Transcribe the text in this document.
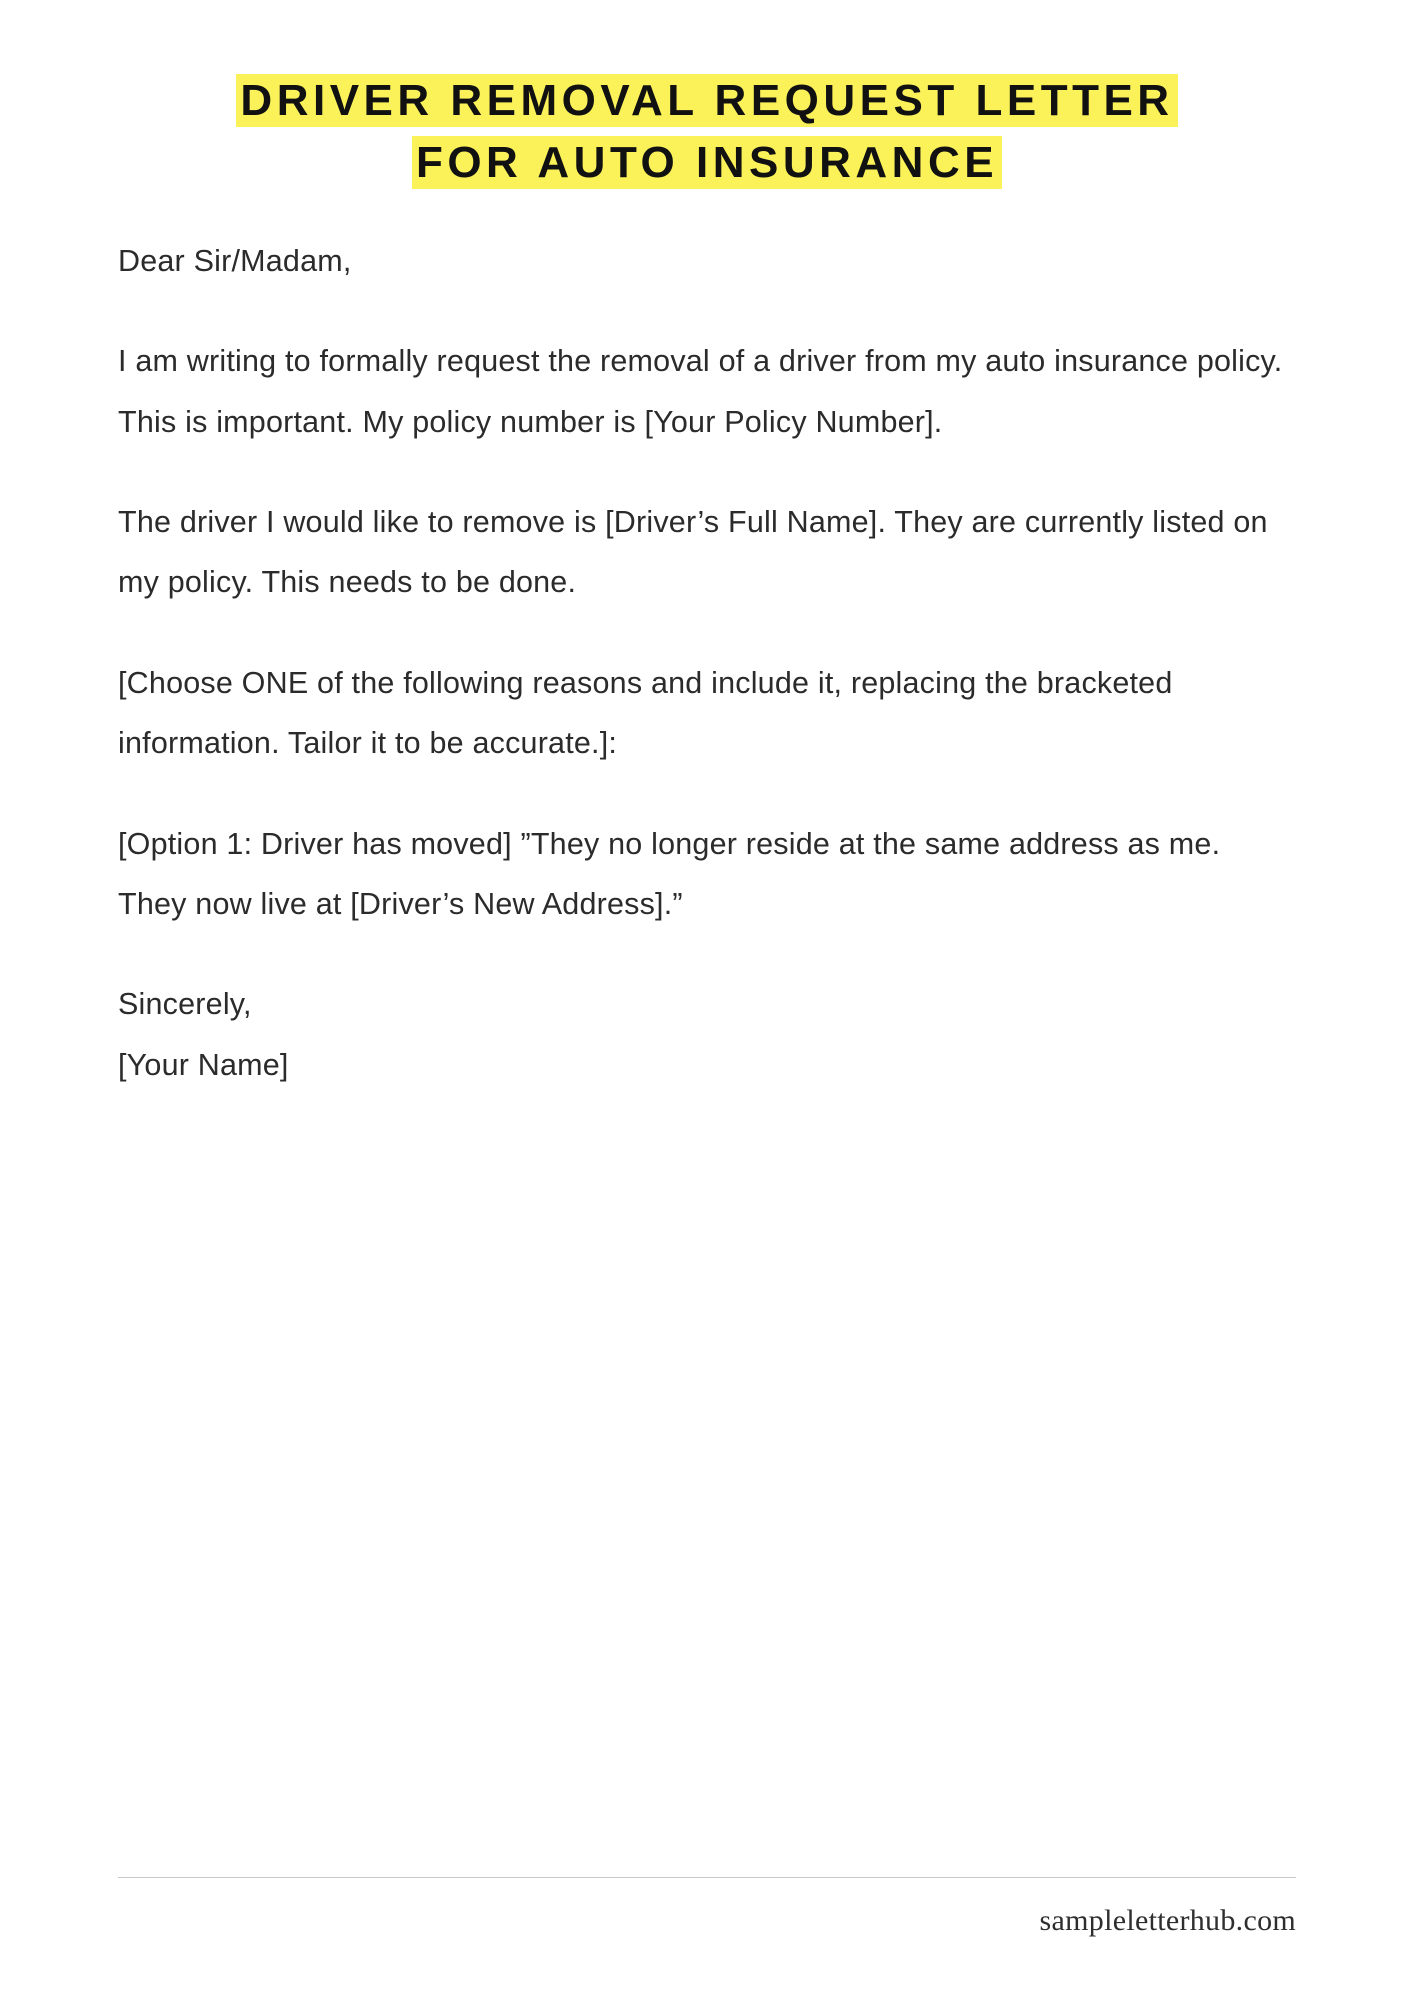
DRIVER REMOVAL REQUEST LETTER
FOR AUTO INSURANCE

Dear Sir/Madam,

I am writing to formally request the removal of a driver from my auto insurance policy. This is important. My policy number is [Your Policy Number].

The driver I would like to remove is [Driver’s Full Name]. They are currently listed on my policy. This needs to be done.

[Choose ONE of the following reasons and include it, replacing the bracketed information. Tailor it to be accurate.]:

[Option 1: Driver has moved] ”They no longer reside at the same address as me. They now live at [Driver’s New Address].”

Sincerely,

[Your Name]

sampleletterhub.com
